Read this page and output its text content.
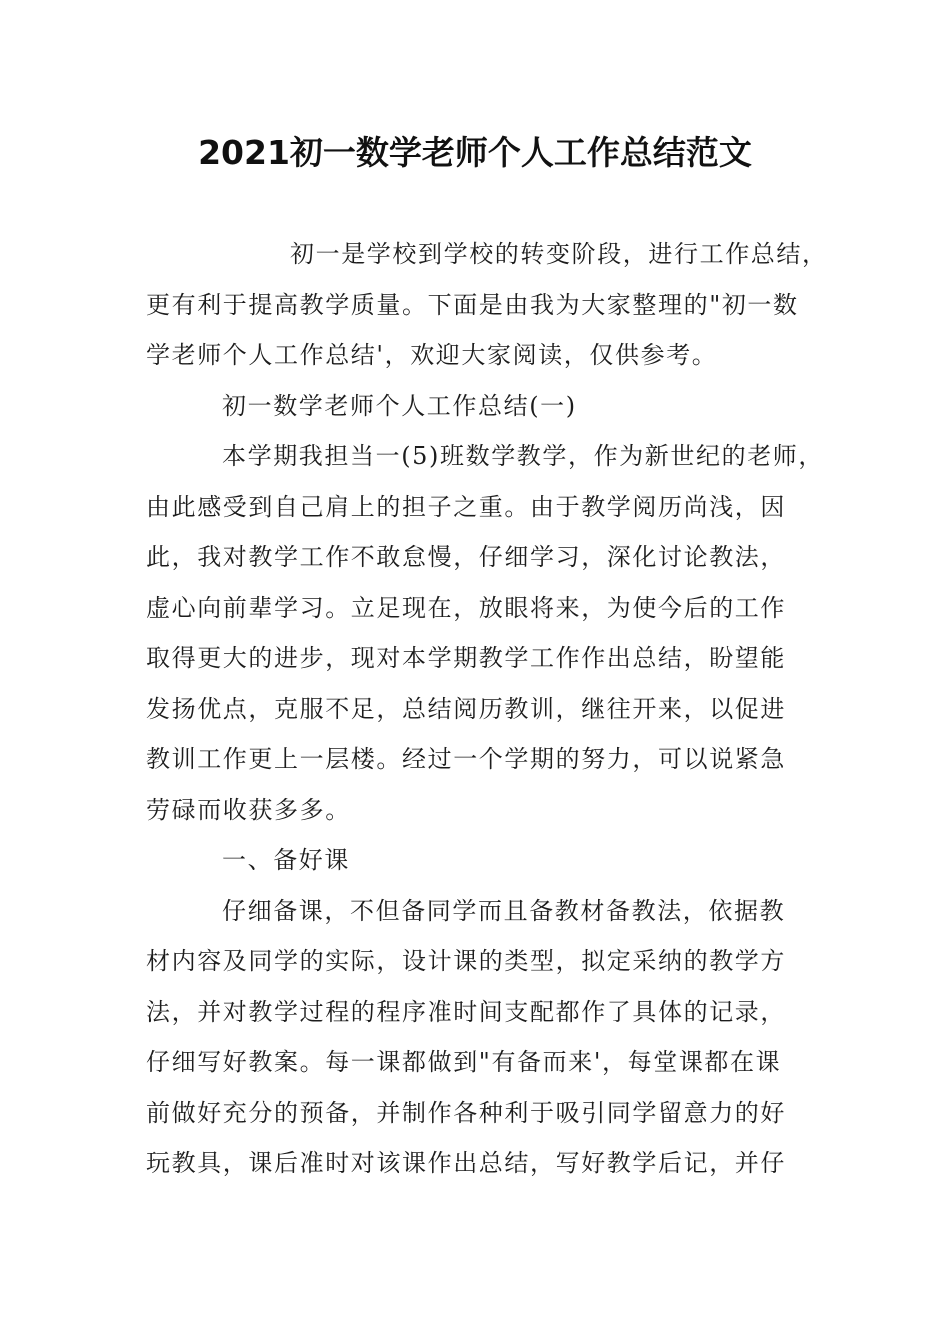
2021初一数学老师个人工作总结范文
初一是学校到学校的转变阶段，进行工作总结，
更有利于提高教学质量。下面是由我为大家整理的"初一数
学老师个人工作总结'，欢迎大家阅读，仅供参考。
初一数学老师个人工作总结(一)
本学期我担当一(5)班数学教学，作为新世纪的老师，
由此感受到自己肩上的担子之重。由于教学阅历尚浅，因
此，我对教学工作不敢怠慢，仔细学习，深化讨论教法，
虚心向前辈学习。立足现在，放眼将来，为使今后的工作
取得更大的进步，现对本学期教学工作作出总结，盼望能
发扬优点，克服不足，总结阅历教训，继往开来，以促进
教训工作更上一层楼。经过一个学期的努力，可以说紧急
劳碌而收获多多。
一、备好课
仔细备课，不但备同学而且备教材备教法，依据教
材内容及同学的实际，设计课的类型，拟定采纳的教学方
法，并对教学过程的程序准时间支配都作了具体的记录，
仔细写好教案。每一课都做到"有备而来'，每堂课都在课
前做好充分的预备，并制作各种利于吸引同学留意力的好
玩教具，课后准时对该课作出总结，写好教学后记，并仔
